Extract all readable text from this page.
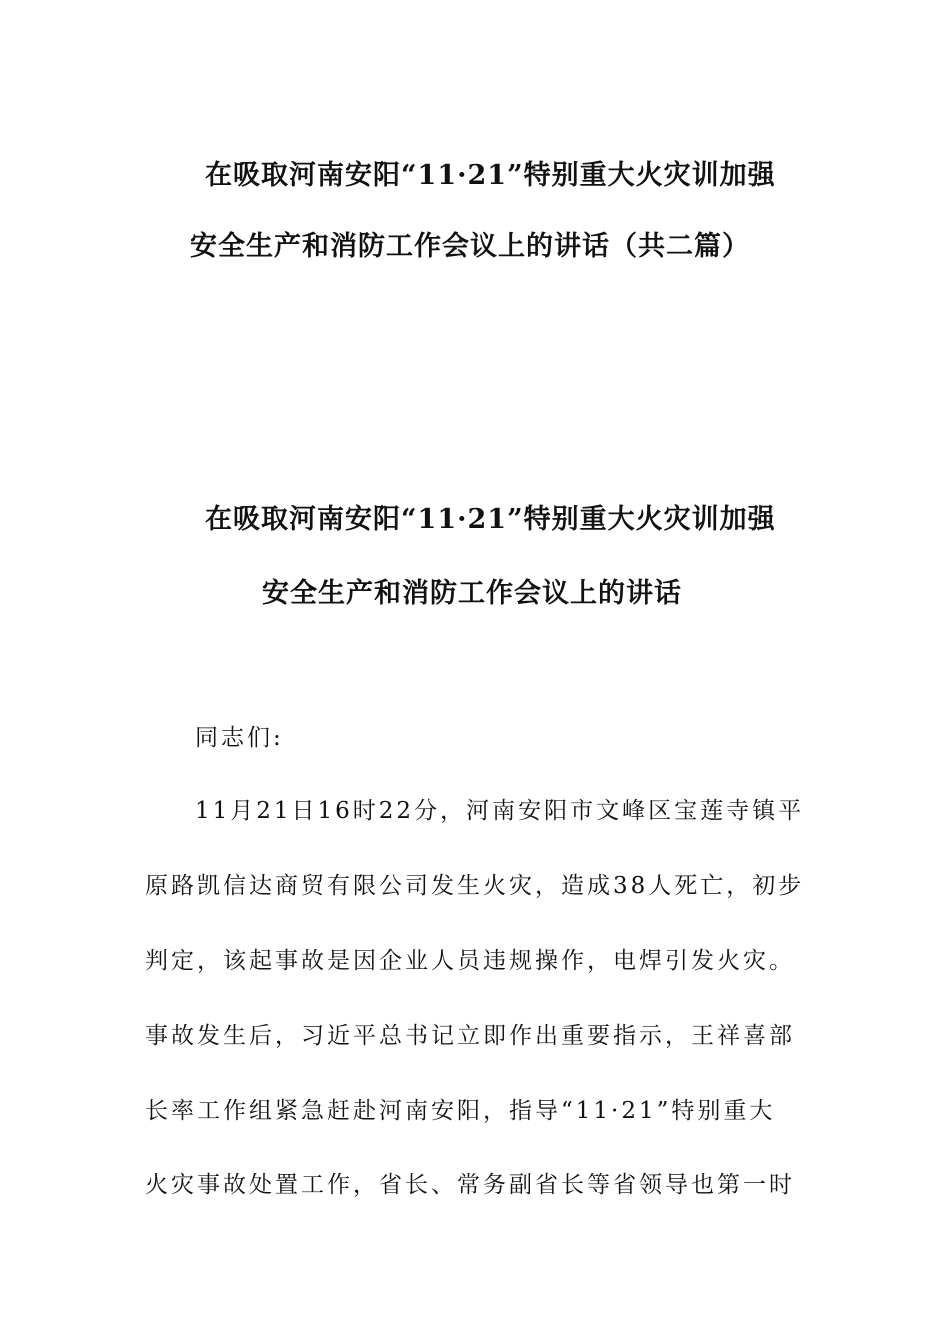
在吸取河南安阳“11·21”特别重大火灾训加强
安全生产和消防工作会议上的讲话（共二篇）
在吸取河南安阳“11·21”特别重大火灾训加强
安全生产和消防工作会议上的讲话

同志们:

11月21日16时22分，河南安阳市文峰区宝莲寺镇平

原路凯信达商贸有限公司发生火灾，造成38人死亡，初步

判定，该起事故是因企业人员违规操作，电焊引发火灾。

事故发生后，习近平总书记立即作出重要指示，王祥喜部

长率工作组紧急赶赴河南安阳，指导“11·21”特别重大

火灾事故处置工作，省长、常务副省长等省领导也第一时
